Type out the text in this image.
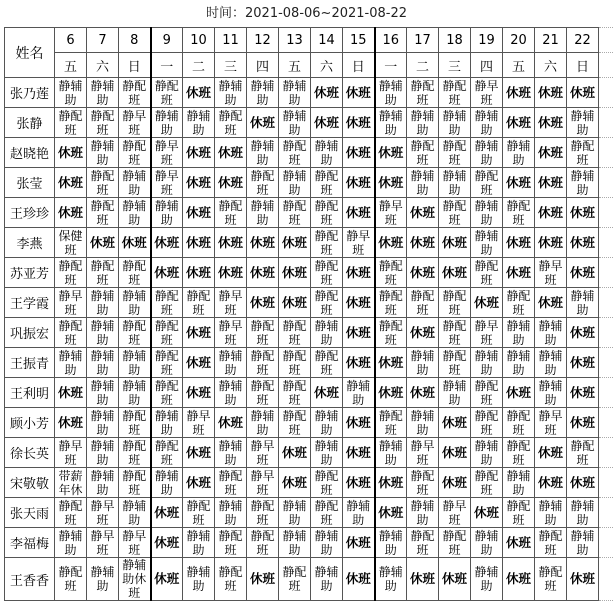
时间：2021-08-06~2021-08-22
姓名	6	7	8	9	10	11	12	13	14	15	16	17	18	19	20	21	22	
	五	六	日	一	二	三	四	五	六	日	一	二	三	四	五	六	日	
张乃莲	静辅助	静辅助	静配班	静配班	休班	静辅助	静辅助	静辅助	休班	休班	静辅助	静配班	静配班	静早班	休班	休班	休班	

张静	静配班	静配班	静早班	静辅助	静辅助	静配班	休班	静辅助	休班	休班	静辅助	静辅助	静辅助	静辅助	休班	休班	静辅助	

赵晓艳	休班	静辅助	静配班	静早班	休班	休班	静辅助	静配班	静辅助	休班	休班	静配班	静配班	静辅助	静辅助	休班	静配班	

张莹	休班	静配班	静辅助	静早班	休班	休班	静配班	静辅助	静配班	休班	休班	静辅助	静辅助	静配班	休班	休班	静辅助	

王珍珍	休班	静配班	静辅助	静辅助	休班	静配班	静辅助	静配班	静配班	休班	静早班	休班	静配班	静辅助	静配班	休班	休班	

李燕	保健班	休班	休班	休班	休班	休班	休班	休班	静配班	静早班	休班	休班	休班	静辅助	休班	休班	休班	

苏亚芳	静配班	静配班	静配班	休班	休班	休班	休班	休班	静配班	休班	静配班	休班	休班	静配班	休班	静早班	休班	

王学霞	静早班	静辅助	静辅助	静配班	静配班	静早班	休班	休班	静配班	休班	静配班	静配班	静配班	休班	静配班	休班	静辅助	

巩振宏	静配班	静辅助	静配班	静配班	休班	静早班	静配班	静配班	静辅助	休班	静配班	休班	静配班	静早班	静辅助	静辅助	休班	

王振青	静辅助	静辅助	静辅助	静配班	休班	静辅助	静配班	静配班	静配班	休班	休班	静辅助	静配班	静辅助	静辅助	静辅助	休班	

王利明	休班	静辅助	静辅助	静配班	休班	静辅助	静配班	静配班	休班	静辅助	休班	休班	静辅助	静配班	休班	静辅助	休班	

顾小芳	休班	静辅助	静配班	静辅助	静早班	休班	静辅助	静配班	静辅助	休班	静配班	静辅助	休班	静配班	静配班	静早班	休班	

徐长英	静早班	静辅助	静配班	静配班	休班	静辅助	静早班	休班	静辅助	休班	静辅助	静早班	休班	静辅助	静配班	休班	静配班	

宋敬敬	带薪年休	静辅助	静配班	静辅助	休班	静配班	静早班	休班	静配班	休班	休班	静配班	休班	静配班	静辅助	休班	休班	

张天雨	静配班	静早班	静辅助	休班	静配班	静辅助	静配班	静辅助	静配班	静辅助	休班	静辅助	静早班	休班	静配班	静辅助	静辅助	

李福梅	静辅助	静早班	静早班	休班	静辅助	静配班	静配班	静辅助	静辅助	休班	静辅助	静配班	静配班	静辅助	休班	静配班	静辅助	

王香香	静配班	静辅助	静辅助休班	休班	静辅助	静配班	休班	静配班	静辅助	休班	静辅助	休班	休班	静辅助	休班	静配班	休班	
